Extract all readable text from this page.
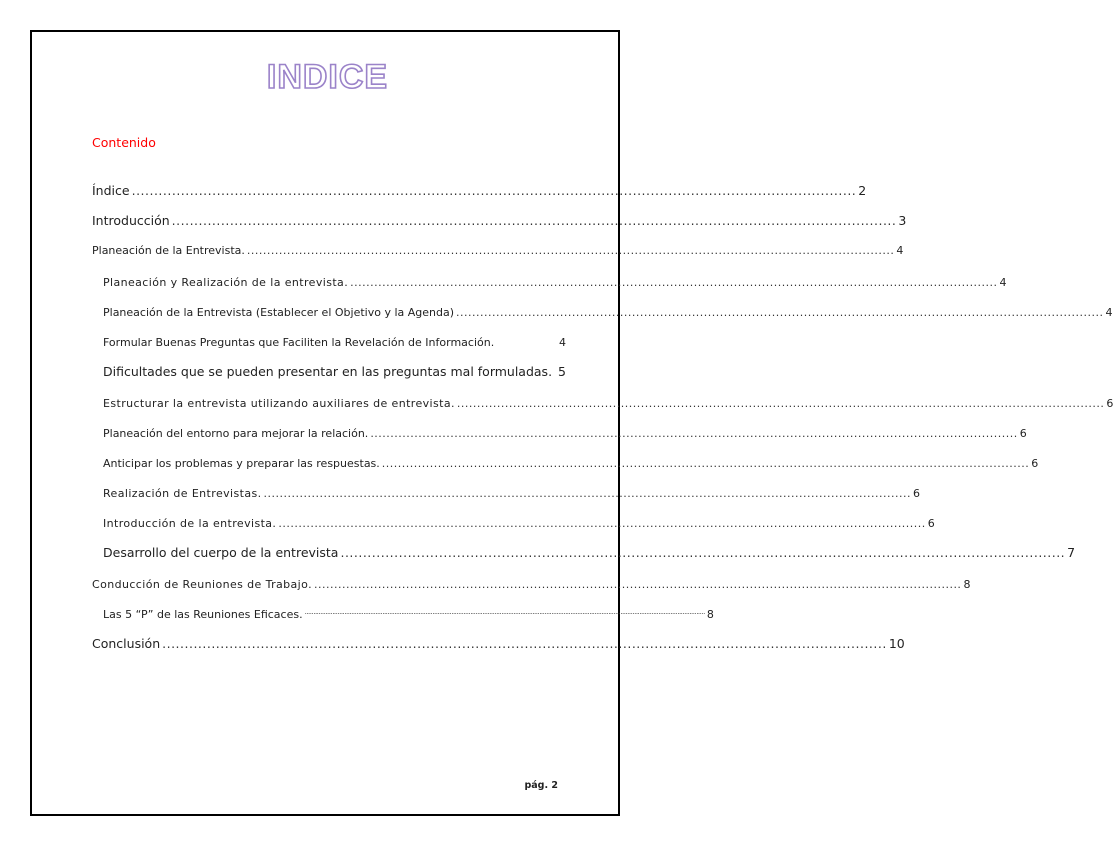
INDICE

Contenido

Índice .................................................................................................................................................................. 2
Introducción .................................................................................................................................................................. 3
Planeación de la Entrevista. .................................................................................................................................................................. 4
Planeación y Realización de la entrevista. .................................................................................................................................................................. 4
Planeación de la Entrevista (Establecer el Objetivo y la Agenda) .................................................................................................................................................................. 4
Formular Buenas Preguntas que Faciliten la Revelación de Información.	4
Dificultades que se pueden presentar en las preguntas mal formuladas. 5
Estructurar la entrevista utilizando auxiliares de entrevista. .................................................................................................................................................................. 6
Planeación del entorno para mejorar la relación. .................................................................................................................................................................. 6
Anticipar los problemas y preparar las respuestas. .................................................................................................................................................................. 6
Realización de Entrevistas. .................................................................................................................................................................. 6
Introducción de la entrevista. .................................................................................................................................................................. 6
Desarrollo del cuerpo de la entrevista .................................................................................................................................................................. 7
Conducción de Reuniones de Trabajo. .................................................................................................................................................................. 8
Las 5 “P” de las Reuniones Eficaces. ........................................................................................................................................................................................................................................ 8
Conclusión .................................................................................................................................................................. 10

pág. 2
